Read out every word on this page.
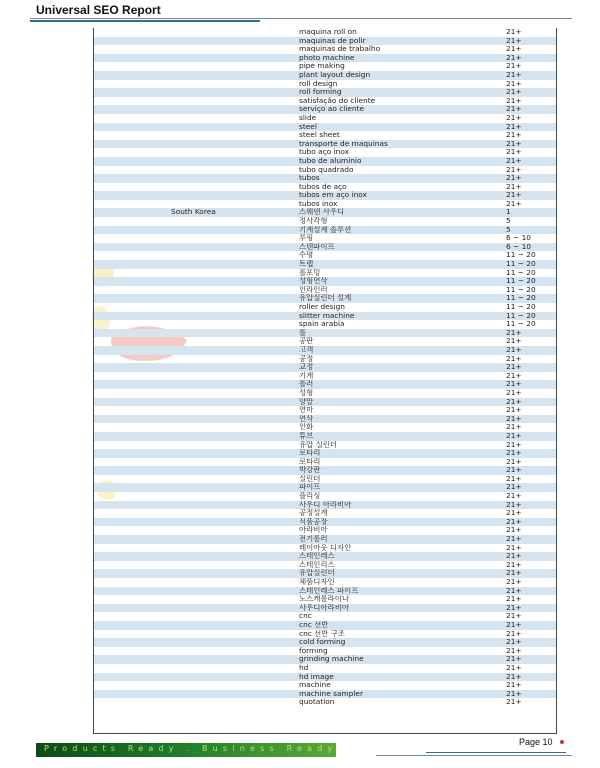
Universal SEO Report
	maquina roll on	21+
	maquinas de polir	21+
	maquinas de trabalho	21+
	photo machine	21+
	pipe making	21+
	plant layout design	21+
	roll design	21+
	roll forming	21+
	satisfação do cliente	21+
	serviço ao cliente	21+
	slide	21+
	steel	21+
	steel sheet	21+
	transporte de maquinas	21+
	tubo aço inox	21+
	tubo de aluminio	21+
	tubo quadrado	21+
	tubos	21+
	tubos de aço	21+
	tubos em aço inox	21+
	tubos inox	21+
South Korea	스웨덴 사우디	1
	정사각형	5
	기계설계 솔루션	5
	루핑	6 ~ 10
	스텐파이프	6 ~ 10
	수평	11 ~ 20
	트랩	11 ~ 20
	롤포밍	11 ~ 20
	성형연삭	11 ~ 20
	인라인러	11 ~ 20
	유압실린더 설계	11 ~ 20
	roller design	11 ~ 20
	slitter machine	11 ~ 20
	spain arabia	11 ~ 20
	롤	21+
	공판	21+
	고객	21+
	공정	21+
	교정	21+
	기계	21+
	롤러	21+
	성형	21+
	양말	21+
	연마	21+
	연삭	21+
	인화	21+
	튜브	21+
	유압 실린더	21+
	로타리	21+
	로타리	21+
	박강판	21+
	실린더	21+
	파이프	21+
	플리싱	21+
	사우디 아라비아	21+
	공정설계	21+
	식품공장	21+
	아라비아	21+
	전기롤러	21+
	레이아웃 디자인	21+
	스테인레스	21+
	스테인리스	21+
	유압실린더	21+
	체품디자인	21+
	스테인레스 파이프	21+
	노스캐롤라이나	21+
	사우디아라비아	21+
	cnc	21+
	cnc 선반	21+
	cnc 선반 구조	21+
	cold forming	21+
	forming	21+
	grinding machine	21+
	hd	21+
	hd image	21+
	machine	21+
	machine sampler	21+
	quotation	21+
Products Ready . Business Ready
Page 10
